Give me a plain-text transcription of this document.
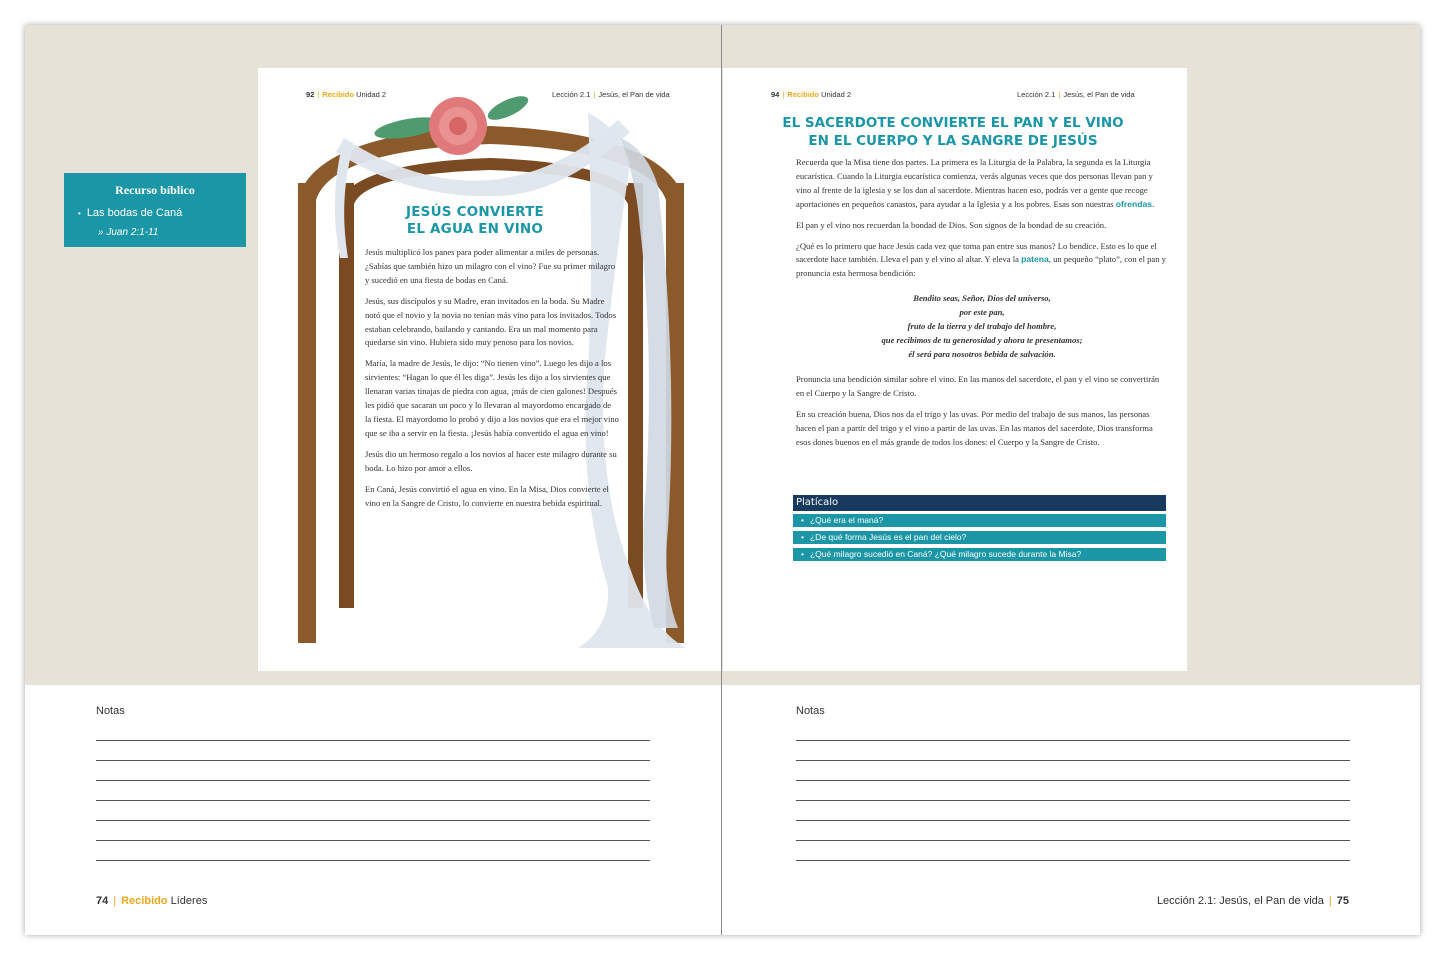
Recurso bíblico
• Las bodas de Caná
» Juan 2:1-11
92 | Recibido Unidad 2	Lección 2.1 | Jesús, el Pan de vida
JESÚS CONVIERTE
EL AGUA EN VINO

Jesús multiplicó los panes para poder alimentar a miles de personas. ¿Sabías que también hizo un milagro con el vino? Fue su primer milagro y sucedió en una fiesta de bodas en Caná.

Jesús, sus discípulos y su Madre, eran invitados en la boda. Su Madre notó que el novio y la novia no tenían más vino para los invitados. Todos estaban celebrando, bailando y cantando. Era un mal momento para quedarse sin vino. Hubiera sido muy penoso para los novios.

María, la madre de Jesús, le dijo: “No tienen vino”. Luego les dijo a los sirvientes: “Hagan lo que él les diga”. Jesús les dijo a los sirvientes que llenaran varias tinajas de piedra con agua, ¡más de cien galones! Después les pidió que sacaran un poco y lo llevaran al mayordomo encargado de la fiesta. El mayordomo lo probó y dijo a los novios que era el mejor vino que se iba a servir en la fiesta. ¡Jesús había convertido el agua en vino!

Jesús dio un hermoso regalo a los novios al hacer este milagro durante su boda. Lo hizo por amor a ellos.

En Caná, Jesús convirtió el agua en vino. En la Misa, Dios convierte el vino en la Sangre de Cristo, lo convierte en nuestra bebida espiritual.

94 | Recibido Unidad 2	Lección 2.1 | Jesús, el Pan de vida
EL SACERDOTE CONVIERTE EL PAN Y EL VINO
EN EL CUERPO Y LA SANGRE DE JESÚS

Recuerda que la Misa tiene dos partes. La primera es la Liturgia de la Palabra, la segunda es la Liturgia eucarística. Cuando la Liturgia eucarística comienza, verás algunas veces que dos personas llevan pan y vino al frente de la iglesia y se los dan al sacerdote. Mientras hacen eso, podrás ver a gente que recoge aportaciones en pequeños canastos, para ayudar a la Iglesia y a los pobres. Esas son nuestras ofrendas.

El pan y el vino nos recuerdan la bondad de Dios. Son signos de la bondad de su creación.

¿Qué es lo primero que hace Jesús cada vez que toma pan entre sus manos? Lo bendice. Esto es lo que el sacerdote hace también. Lleva el pan y el vino al altar. Y eleva la patena, un pequeño “plato”, con el pan y pronuncia esta hermosa bendición:

Bendito seas, Señor, Dios del universo,
por este pan,
fruto de la tierra y del trabajo del hombre,
que recibimos de tu generosidad y ahora te presentamos;
él será para nosotros bebida de salvación.

Pronuncia una bendición similar sobre el vino. En las manos del sacerdote, el pan y el vino se convertirán en el Cuerpo y la Sangre de Cristo.

En su creación buena, Dios nos da el trigo y las uvas. Por medio del trabajo de sus manos, las personas hacen el pan a partir del trigo y el vino a partir de las uvas. En las manos del sacerdote, Dios transforma esos dones buenos en el más grande de todos los dones: el Cuerpo y la Sangre de Cristo.

Platícalo
• ¿Qué era el maná?
• ¿De qué forma Jesús es el pan del cielo?
• ¿Qué milagro sucedió en Caná? ¿Qué milagro sucede durante la Misa?
Notas	Notas
74 | Recibido Líderes	Lección 2.1: Jesús, el Pan de vida | 75
